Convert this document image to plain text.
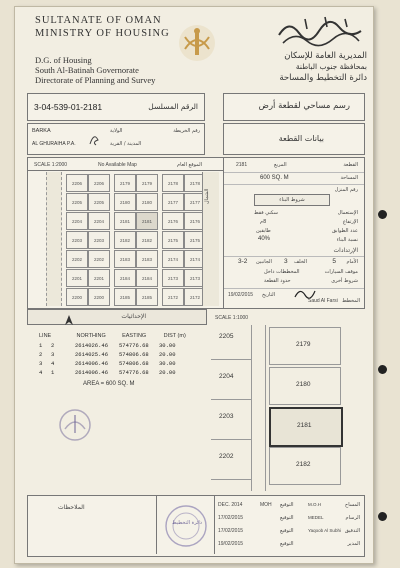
SULTANATE OF OMAN
MINISTRY OF HOUSING
D.G. of Housing
South Al-Batinah Governorate
Directorate of Planning and Survey
المديرية العامة للإسكان
بمحافظة جنوب الباطنة
دائرة التخطيط والمساحة
3-04-539-01-2181	الرقم المسلسل	رسم مساحي لقطعة أرض
BARKA
AL GHURAIHA P.A.
الولاية
المدينة / القرية
رقم الخريطة
بيانات القطعة
SCALE 1:2000	No Available Map	الموقع العام
2206	2206
2205	2205
2204	2204
2203	2203
2202	2202
2201	2201
2200	2200
2179	2179
2180	2180
2181	2181
2182	2182
2183	2183
2184	2184
2185	2185
2178	2178
2177	2177
2176	2176
2175	2175
2174	2174
2173	2173
2172	2172
الشمال
2181	المربع	القطعة
600 SQ. M	المساحة
رقم المنزل
شروط البناء
الإستعمال
سكني فقط
الإرتفاع
8م
عدد الطوابق
طابقين
نسبة البناء
40%
الإرتدادات
الأمام
5
الخلف
3
الجانبين
3-2
موقف السيارات
المخططات داخل
حدود القطعة	شروط أخرى
19/02/2015 التاريخ
Saud Al Farsi المخطط
الإحداثيات	SCALE 1:1000
LINE	NORTHING	EASTING	DIST (m)
1 2	2614026.46 574776.68 30.00
2 3	2614025.46 574806.68 20.00
3 4	2614006.46 574806.68 30.00
4 1	2614006.46 574776.68 20.00
AREA = 600 SQ. M
2205
2204
2203
2202
2179
2180
2181
2182
الملاحظات
دائرة التخطيط
DEC. 2014	MOH التوقيع	M.O.H	المساح
17/02/2015	التوقيع	MEDEL	الرسام
17/02/2015	التوقيع	Yaqoob Al Subhi التدقيق
19/02/2015	التوقيع	المدير
